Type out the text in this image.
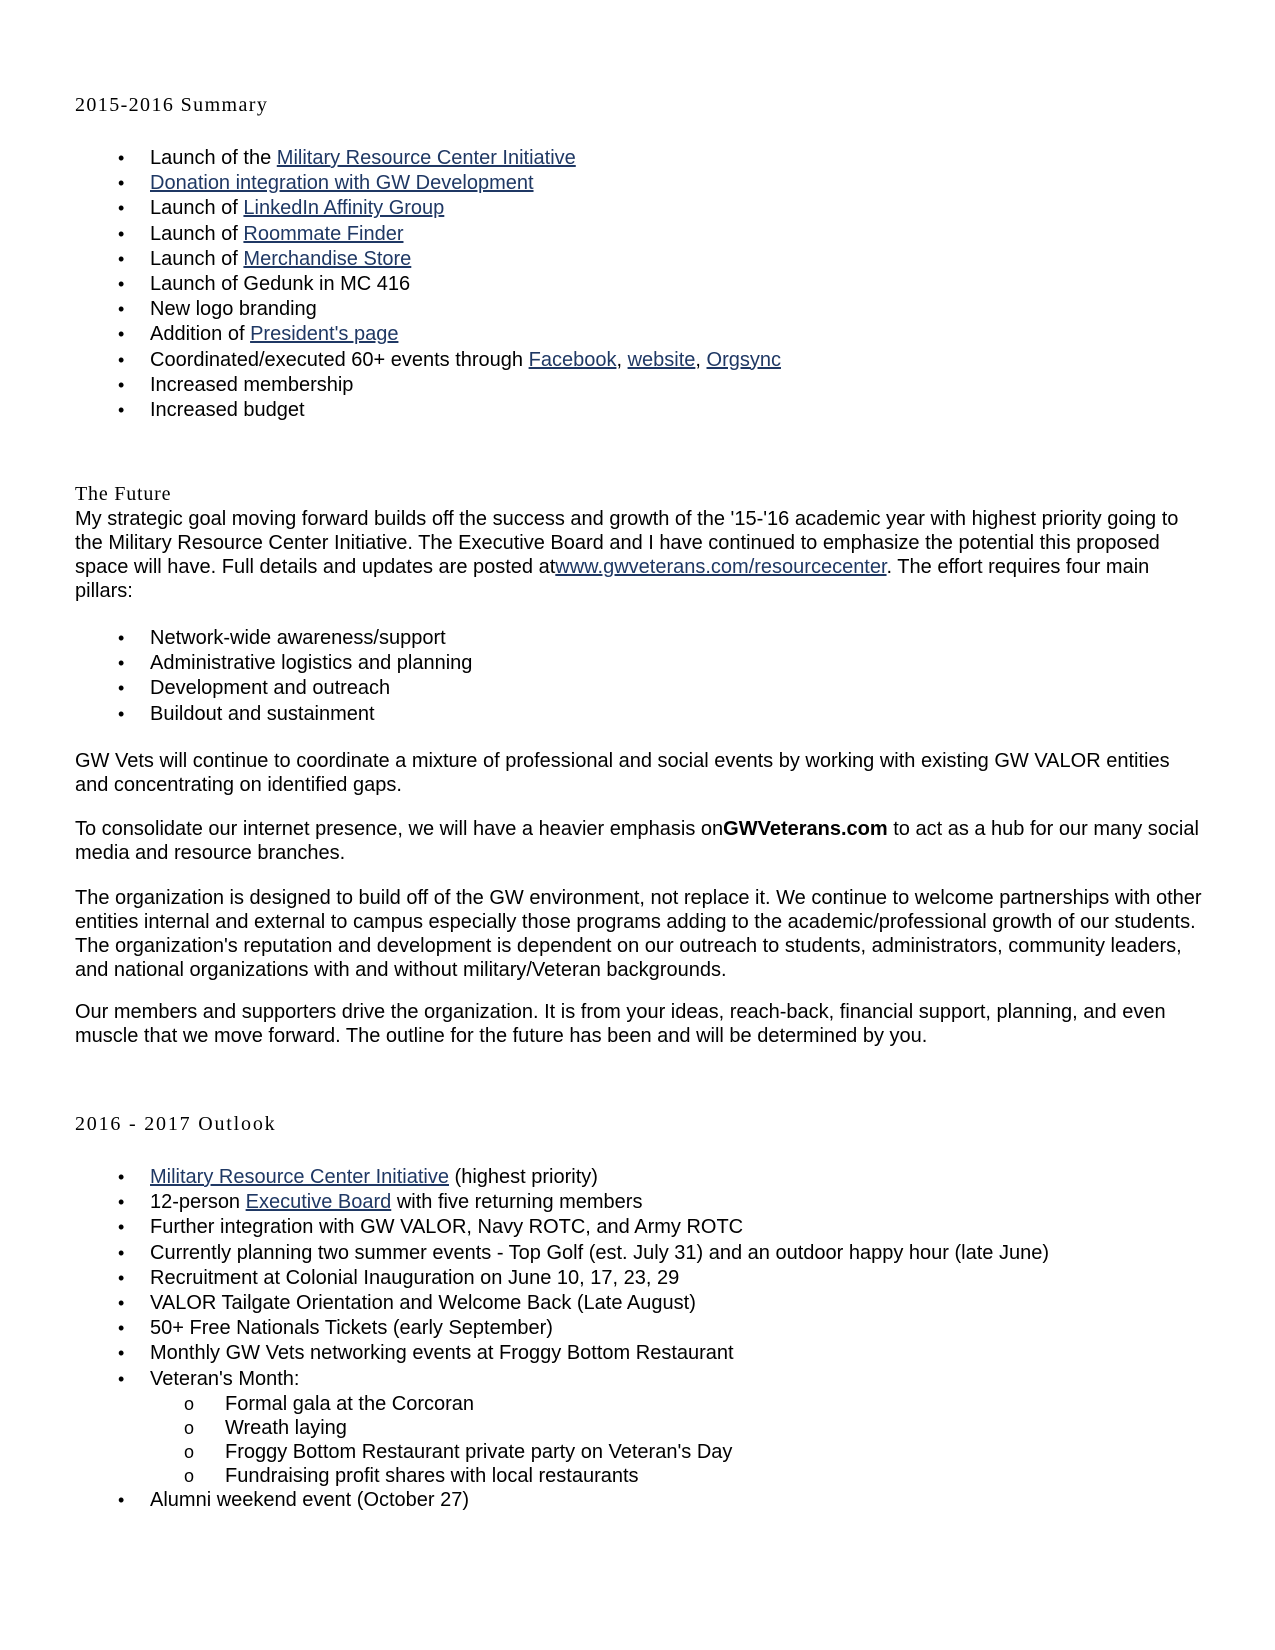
2015-2016 Summary
• Launch of the Military Resource Center Initiative
• Donation integration with GW Development
• Launch of LinkedIn Affinity Group
• Launch of Roommate Finder
• Launch of Merchandise Store
• Launch of Gedunk in MC 416
• New logo branding
• Addition of President's page
• Coordinated/executed 60+ events through Facebook, website, Orgsync
• Increased membership
• Increased budget
The Future

My strategic goal moving forward builds off the success and growth of the '15-'16 academic year with highest priority going to the Military Resource Center Initiative. The Executive Board and I have continued to emphasize the potential this proposed space will have. Full details and updates are posted atwww.gwveterans.com/resourcecenter. The effort requires four main pillars:

• Network-wide awareness/support
• Administrative logistics and planning
• Development and outreach
• Buildout and sustainment

GW Vets will continue to coordinate a mixture of professional and social events by working with existing GW VALOR entities and concentrating on identified gaps.

To consolidate our internet presence, we will have a heavier emphasis onGWVeterans.com to act as a hub for our many social media and resource branches.

The organization is designed to build off of the GW environment, not replace it. We continue to welcome partnerships with other entities internal and external to campus especially those programs adding to the academic/professional growth of our students. The organization's reputation and development is dependent on our outreach to students, administrators, community leaders, and national organizations with and without military/Veteran backgrounds.

Our members and supporters drive the organization. It is from your ideas, reach-back, financial support, planning, and even muscle that we move forward. The outline for the future has been and will be determined by you.

2016 - 2017 Outlook
• Military Resource Center Initiative (highest priority)
• 12-person Executive Board with five returning members
• Further integration with GW VALOR, Navy ROTC, and Army ROTC
• Currently planning two summer events - Top Golf (est. July 31) and an outdoor happy hour (late June)
• Recruitment at Colonial Inauguration on June 10, 17, 23, 29
• VALOR Tailgate Orientation and Welcome Back (Late August)
• 50+ Free Nationals Tickets (early September)
• Monthly GW Vets networking events at Froggy Bottom Restaurant
• Veteran's Month:
o Formal gala at the Corcoran
o Wreath laying
o Froggy Bottom Restaurant private party on Veteran's Day
o Fundraising profit shares with local restaurants
• Alumni weekend event (October 27)
